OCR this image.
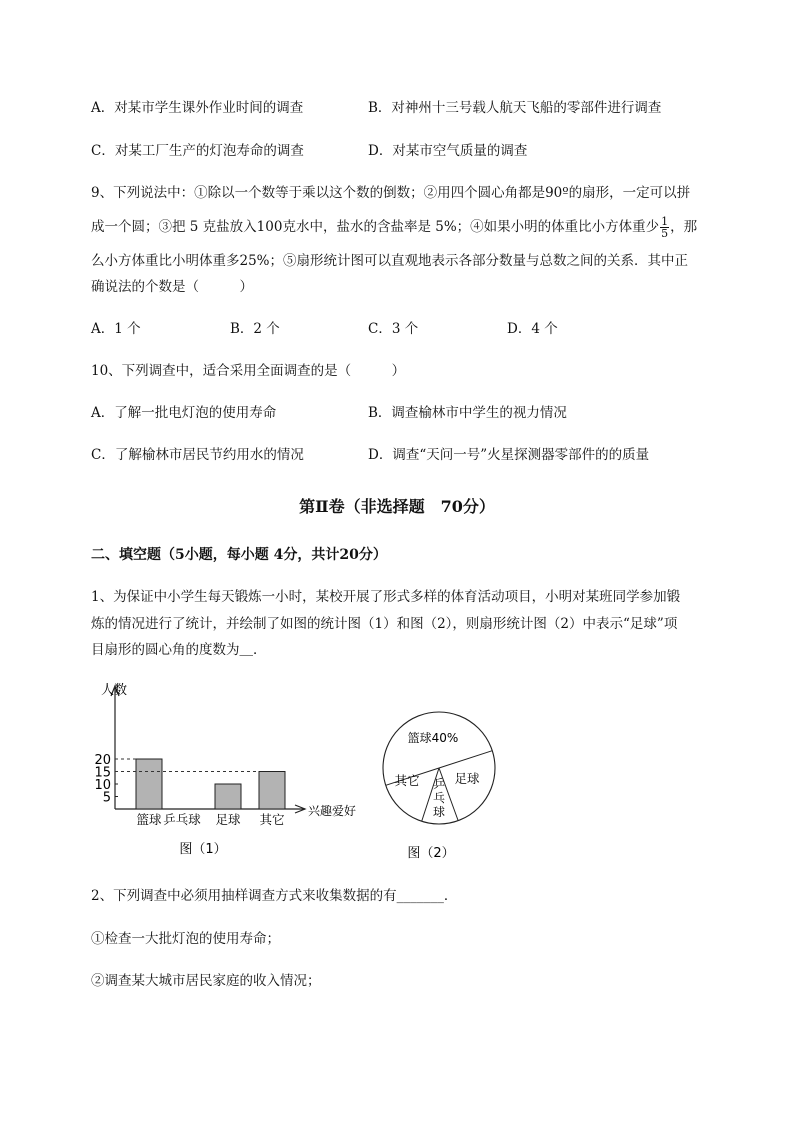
A．对某市学生课外作业时间的调查	B．对神州十三号载人航天飞船的零部件进行调查
C．对某工厂生产的灯泡寿命的调查	D．对某市空气质量的调查
9、下列说法中：①除以一个数等于乘以这个数的倒数；②用四个圆心角都是90º的扇形，一定可以拼
成一个圆；③把 5 克盐放入100克水中，盐水的含盐率是 5%；④如果小明的体重比小方体重少 $\frac{1}{5}$ ，那
么小方体重比小明体重多25%；⑤扇形统计图可以直观地表示各部分数量与总数之间的关系．其中正
确说法的个数是（　　　）
A．1 个	B．2 个	C．3 个	D．4 个
10、下列调查中，适合采用全面调查的是（　　　）
A．了解一批电灯泡的使用寿命	B．调查榆林市中学生的视力情况
C．了解榆林市居民节约用水的情况	D．调查“天问一号”火星探测器零部件的的质量
第Ⅱ卷（非选择题　70分）
二、填空题（5小题，每小题 4分，共计20分）
1、为保证中小学生每天锻炼一小时，某校开展了形式多样的体育活动项目，小明对某班同学参加锻
炼的情况进行了统计，并绘制了如图的统计图（1）和图（2），则扇形统计图（2）中表示“足球”项
目扇形的圆心角的度数为＿．
人数
兴趣爱好
5
10
15
20
篮球 乒乓球 足球 其它
图（1）
篮球40%
足球
乒
乓
球
其它
图（2）
2、下列调查中必须用抽样调查方式来收集数据的有_______．
①检查一大批灯泡的使用寿命；
②调查某大城市居民家庭的收入情况；
